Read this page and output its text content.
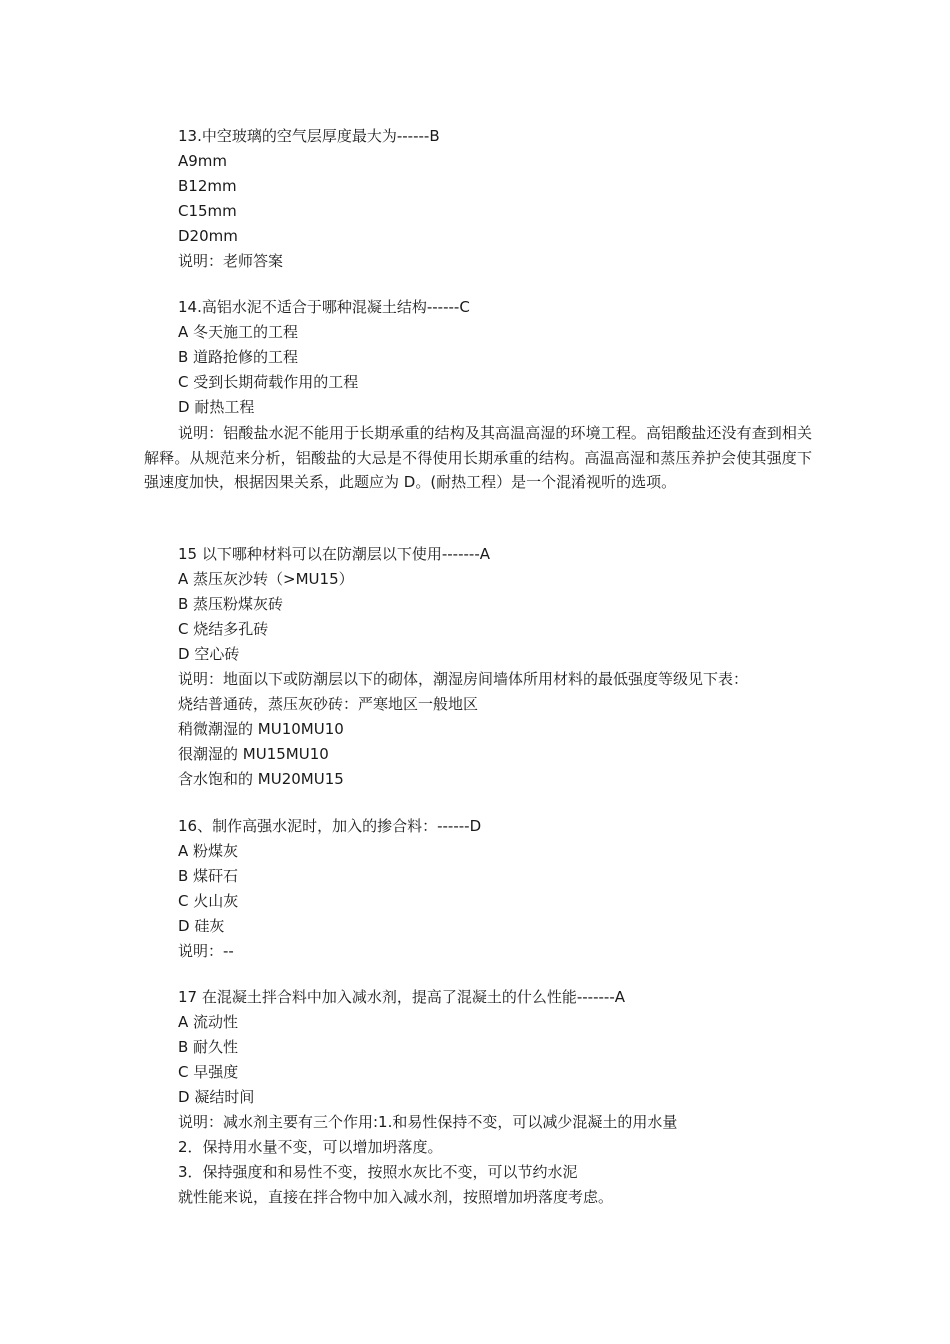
13.中空玻璃的空气层厚度最大为------B
A9mm
B12mm
C15mm
D20mm
说明：老师答案
14.高铝水泥不适合于哪种混凝土结构------C
A 冬天施工的工程
B 道路抢修的工程
C 受到长期荷载作用的工程
D 耐热工程

说明：铝酸盐水泥不能用于长期承重的结构及其高温高湿的环境工程。高铝酸盐还没有查到相关解释。从规范来分析，铝酸盐的大忌是不得使用长期承重的结构。高温高湿和蒸压养护会使其强度下强速度加快，根据因果关系，此题应为 D。(耐热工程）是一个混淆视听的选项。

15 以下哪种材料可以在防潮层以下使用-------A
A 蒸压灰沙转（>MU15）
B 蒸压粉煤灰砖
C 烧结多孔砖
D 空心砖
说明：地面以下或防潮层以下的砌体，潮湿房间墙体所用材料的最低强度等级见下表：
烧结普通砖，蒸压灰砂砖：严寒地区一般地区
稍微潮湿的 MU10MU10
很潮湿的 MU15MU10
含水饱和的 MU20MU15
16、制作高强水泥时，加入的掺合料：------D
A 粉煤灰
B 煤矸石
C 火山灰
D 硅灰
说明：--
17 在混凝土拌合料中加入减水剂，提高了混凝土的什么性能-------A
A 流动性
B 耐久性
C 早强度
D 凝结时间
说明：减水剂主要有三个作用:1.和易性保持不变，可以减少混凝土的用水量
2．保持用水量不变，可以增加坍落度。
3．保持强度和和易性不变，按照水灰比不变，可以节约水泥
就性能来说，直接在拌合物中加入减水剂，按照增加坍落度考虑。
